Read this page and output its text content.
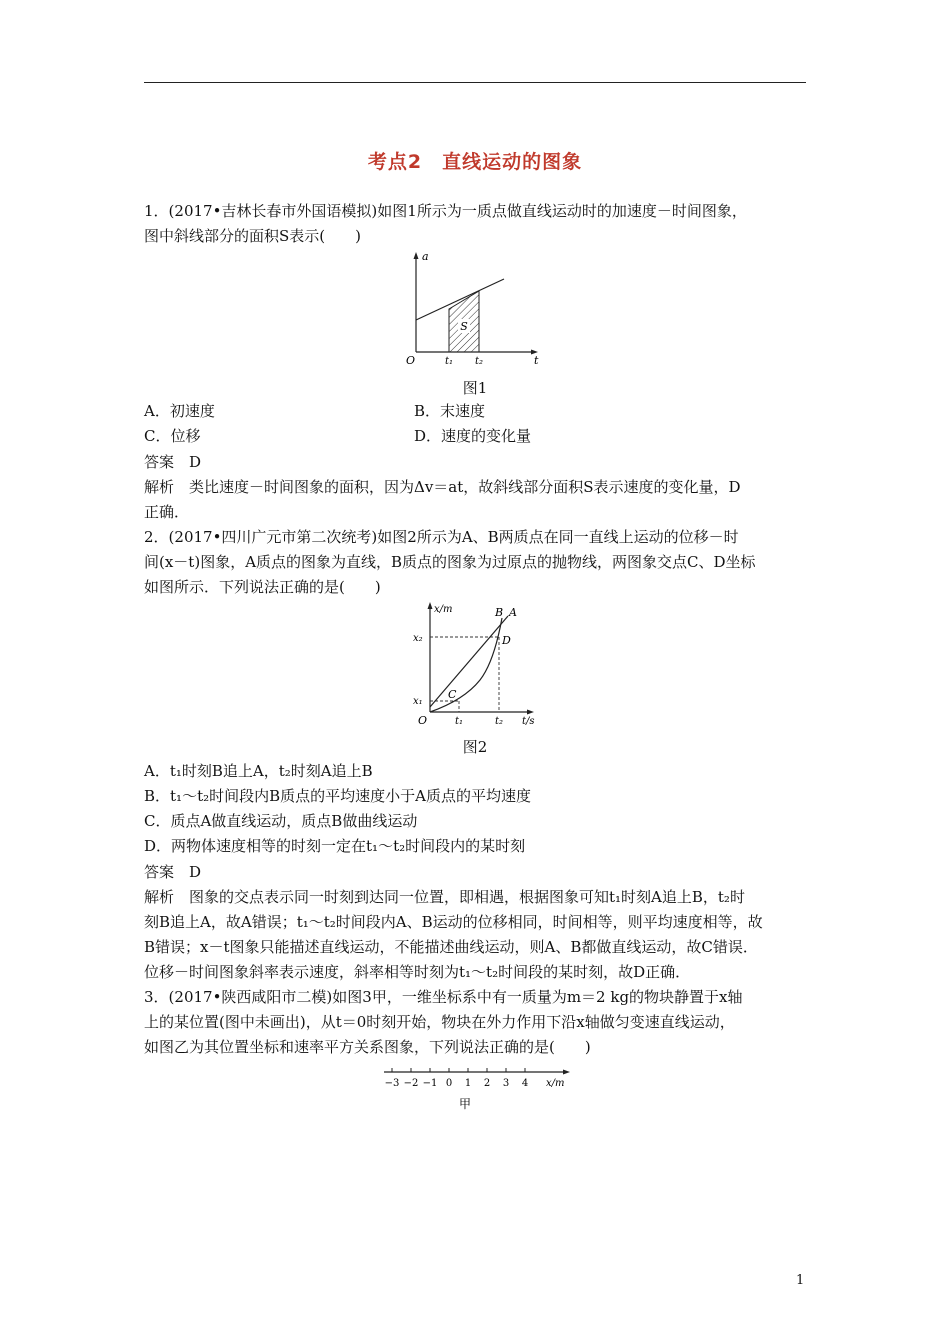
考点2　直线运动的图象
1．(2017•吉林长春市外国语模拟)如图1所示为一质点做直线运动时的加速度－时间图象，
图中斜线部分的面积S表示(　　)
S
a
O	t₁ t₂	t
图1
A．初速度	B．末速度
C．位移	D．速度的变化量
答案　D
解析　类比速度－时间图象的面积，因为Δv＝at，故斜线部分面积S表示速度的变化量，D
正确．
2．(2017•四川广元市第二次统考)如图2所示为A、B两质点在同一直线上运动的位移－时
间(x－t)图象，A质点的图象为直线，B质点的图象为过原点的抛物线，两图象交点C、D坐标
如图所示．下列说法正确的是(　　)
x/m
x₂
x₁
O	t₁	t₂ t/s
C
D
B A
图2
A．t₁时刻B追上A，t₂时刻A追上B
B．t₁～t₂时间段内B质点的平均速度小于A质点的平均速度
C．质点A做直线运动，质点B做曲线运动
D．两物体速度相等的时刻一定在t₁～t₂时间段内的某时刻
答案　D
解析　图象的交点表示同一时刻到达同一位置，即相遇，根据图象可知t₁时刻A追上B，t₂时
刻B追上A，故A错误；t₁～t₂时间段内A、B运动的位移相同，时间相等，则平均速度相等，故
B错误；x－t图象只能描述直线运动，不能描述曲线运动，则A、B都做直线运动，故C错误．
位移－时间图象斜率表示速度，斜率相等时刻为t₁～t₂时间段的某时刻，故D正确．
3．(2017•陕西咸阳市二模)如图3甲，一维坐标系中有一质量为m＝2 kg的物块静置于x轴
上的某位置(图中未画出)，从t＝0时刻开始，物块在外力作用下沿x轴做匀变速直线运动，
如图乙为其位置坐标和速率平方关系图象，下列说法正确的是(　　)
−3 −2 −1 0 1 2 3 4 x/m
甲
1
